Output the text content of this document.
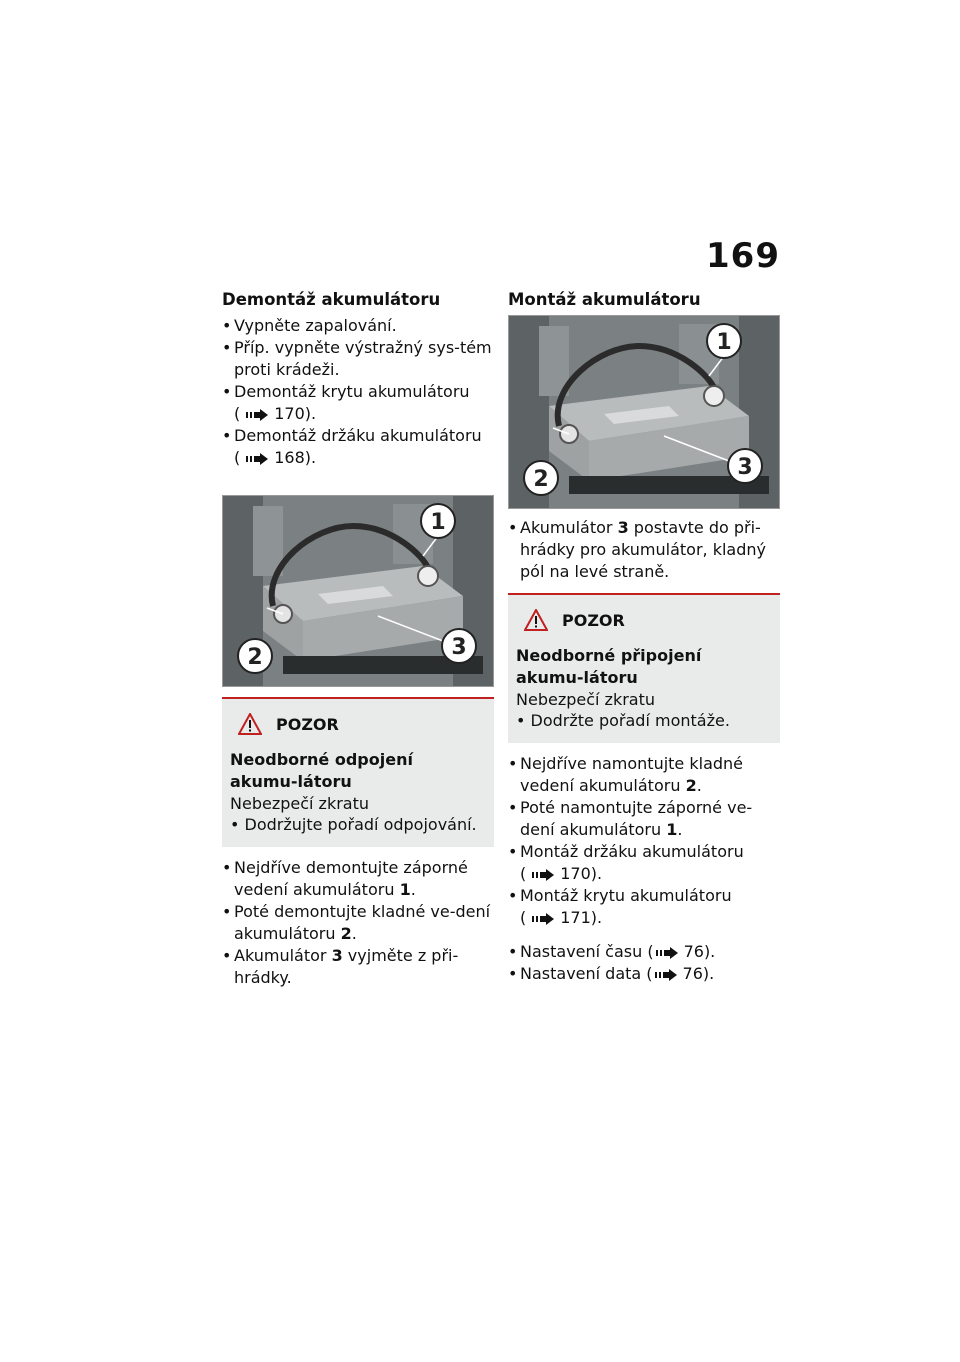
169
Demontáž akumulátoru
• Vypněte zapalování.
• Příp. vypněte výstražný sys-tém proti krádeži.
• Demontáž krytu akumulátoru
( 170).
• Demontáž držáku akumulátoru
( 168).
1
2	3
POZOR

Neodborné odpojení akumu-látoru

Nebezpečí zkratu

• Dodržujte pořadí odpojování.

• Nejdříve demontujte záporné vedení akumulátoru 1.
• Poté demontujte kladné ve-dení akumulátoru 2.
• Akumulátor 3 vyjměte z při-hrádky.
Montáž akumulátoru
1
2	3
• Akumulátor 3 postavte do při-hrádky pro akumulátor, kladný pól na levé straně.
POZOR

Neodborné připojení akumu-látoru

Nebezpečí zkratu

• Dodržte pořadí montáže.

• Nejdříve namontujte kladné vedení akumulátoru 2.
• Poté namontujte záporné ve-dení akumulátoru 1.
• Montáž držáku akumulátoru
( 170).
• Montáž krytu akumulátoru
( 171).
• Nastavení času ( 76).
• Nastavení data ( 76).
